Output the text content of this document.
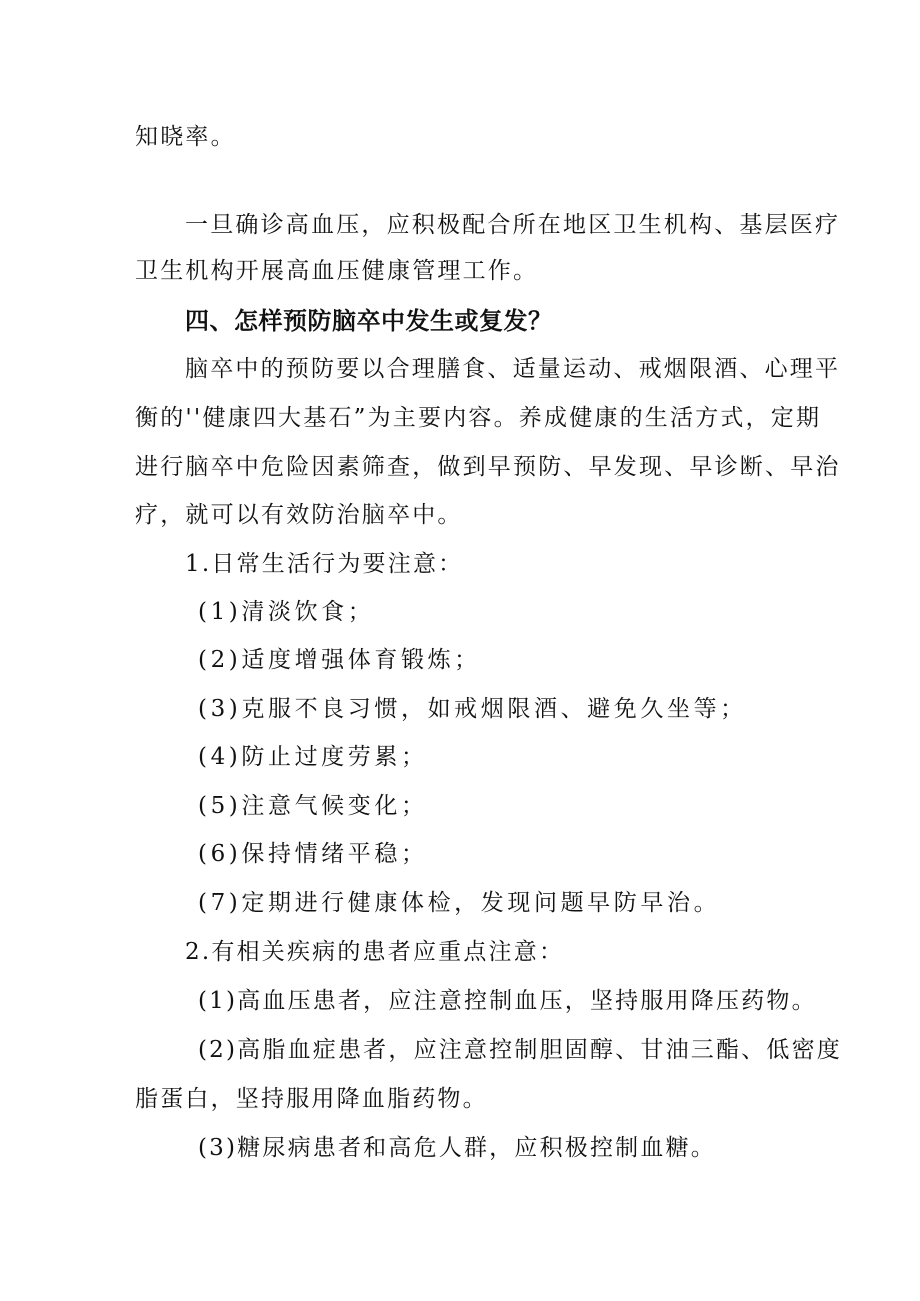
知晓率。
一旦确诊高血压，应积极配合所在地区卫生机构、基层医疗
卫生机构开展高血压健康管理工作。
四、怎样预防脑卒中发生或复发？
脑卒中的预防要以合理膳食、适量运动、戒烟限酒、心理平
衡的''健康四大基石”为主要内容。养成健康的生活方式，定期
进行脑卒中危险因素筛查，做到早预防、早发现、早诊断、早治
疗，就可以有效防治脑卒中。
1.日常生活行为要注意：
(1)清淡饮食；
(2)适度增强体育锻炼；
(3)克服不良习惯，如戒烟限酒、避免久坐等；
(4)防止过度劳累；
(5)注意气候变化；
(6)保持情绪平稳；
(7)定期进行健康体检，发现问题早防早治。
2.有相关疾病的患者应重点注意：
(1)高血压患者，应注意控制血压，坚持服用降压药物。
(2)高脂血症患者，应注意控制胆固醇、甘油三酯、低密度
脂蛋白，坚持服用降血脂药物。
(3)糖尿病患者和高危人群，应积极控制血糖。
